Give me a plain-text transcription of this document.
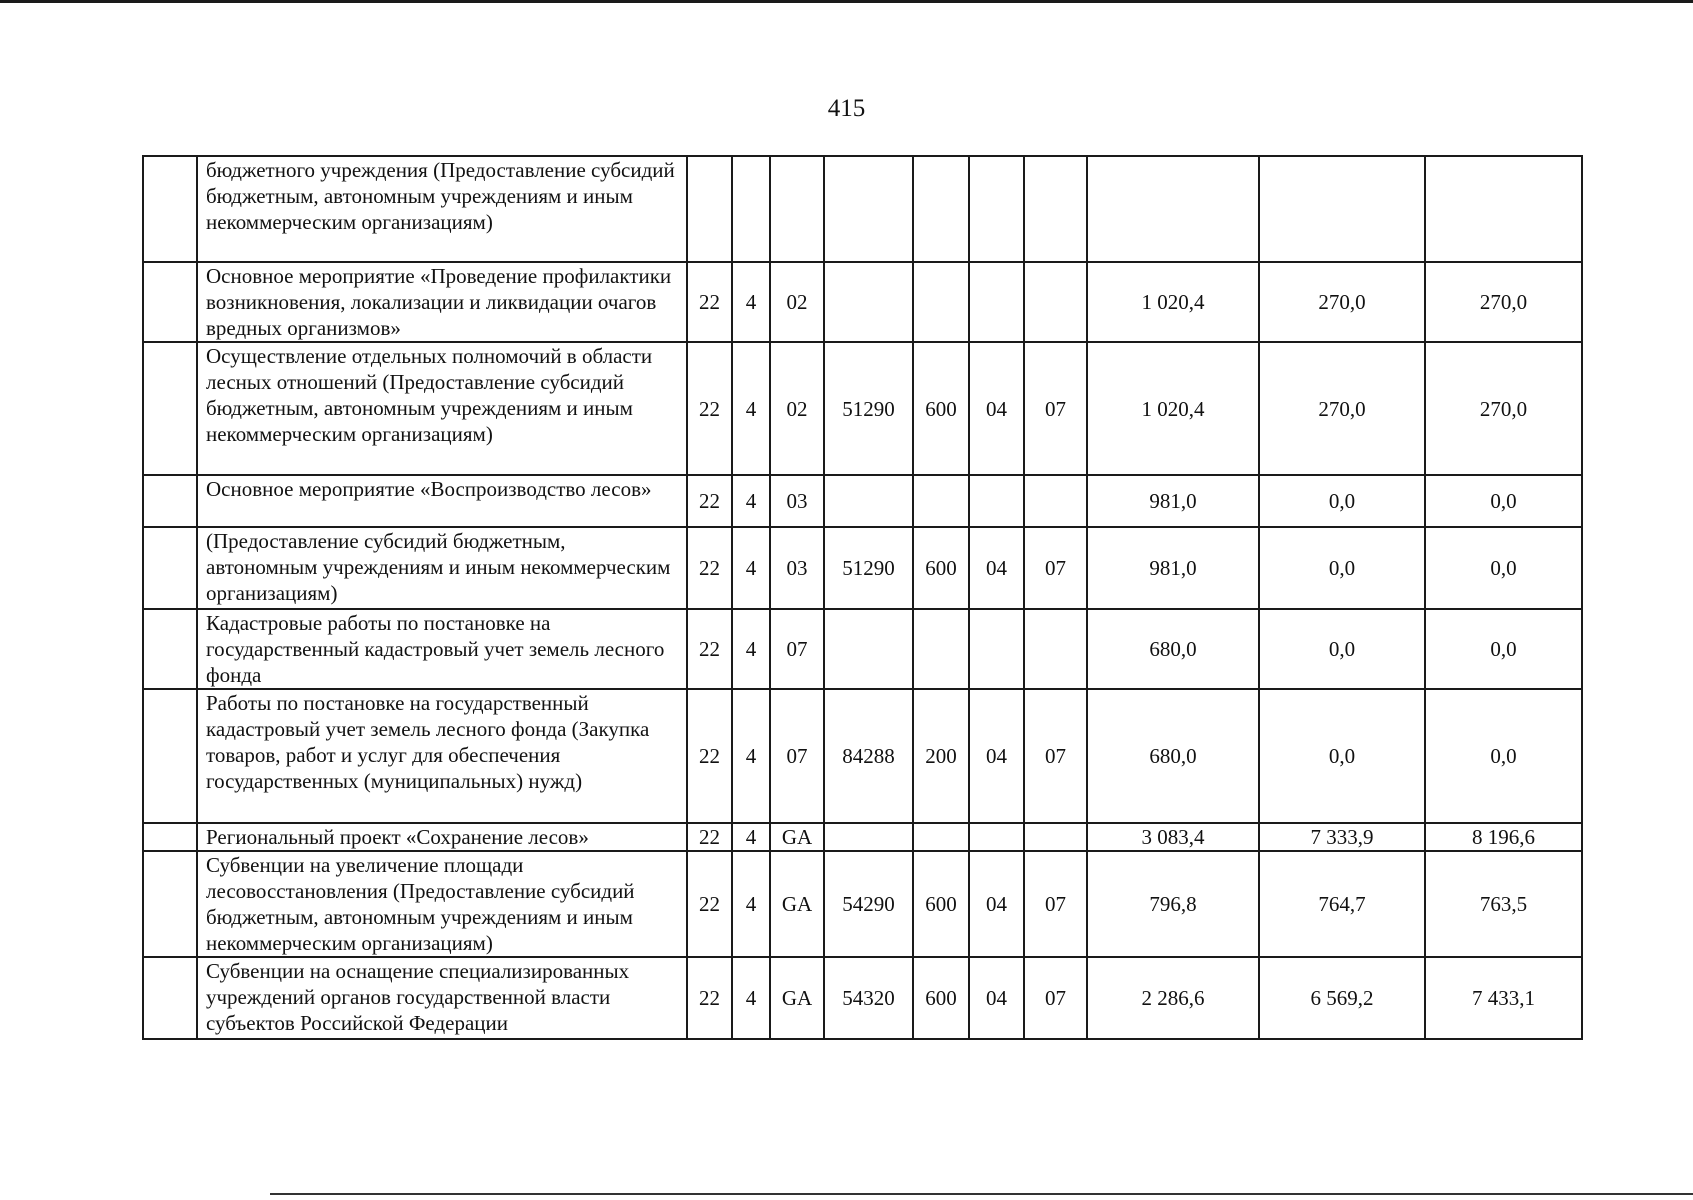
415
	бюджетного учреждения (Предоставление субсидий бюджетным, автономным учреждениям и иным некоммерческим организациям)										
	Основное мероприятие «Проведение профилактики возникновения, локализации и ликвидации очагов вредных организмов»	22	4	02					1 020,4	270,0	270,0
	Осуществление отдельных полномочий в области лесных отношений (Предоставление субсидий бюджетным, автономным учреждениям и иным некоммерческим организациям)	22	4	02	51290	600	04	07	1 020,4	270,0	270,0
	Основное мероприятие «Воспроизводство лесов»	22	4	03					981,0	0,0	0,0
	(Предоставление субсидий бюджетным, автономным учреждениям и иным некоммерческим организациям)	22	4	03	51290	600	04	07	981,0	0,0	0,0
	Кадастровые работы по постановке на государственный кадастровый учет земель лесного фонда	22	4	07					680,0	0,0	0,0
	Работы по постановке на государственный кадастровый учет земель лесного фонда (Закупка товаров, работ и услуг для обеспечения государственных (муниципальных) нужд)	22	4	07	84288	200	04	07	680,0	0,0	0,0
	Региональный проект «Сохранение лесов»	22	4	GA					3 083,4	7 333,9	8 196,6
	Субвенции на увеличение площади лесовосстановления (Предоставление субсидий бюджетным, автономным учреждениям и иным некоммерческим организациям)	22	4	GA	54290	600	04	07	796,8	764,7	763,5
	Субвенции на оснащение специализированных учреждений органов государственной власти субъектов Российской Федерации	22	4	GA	54320	600	04	07	2 286,6	6 569,2	7 433,1
